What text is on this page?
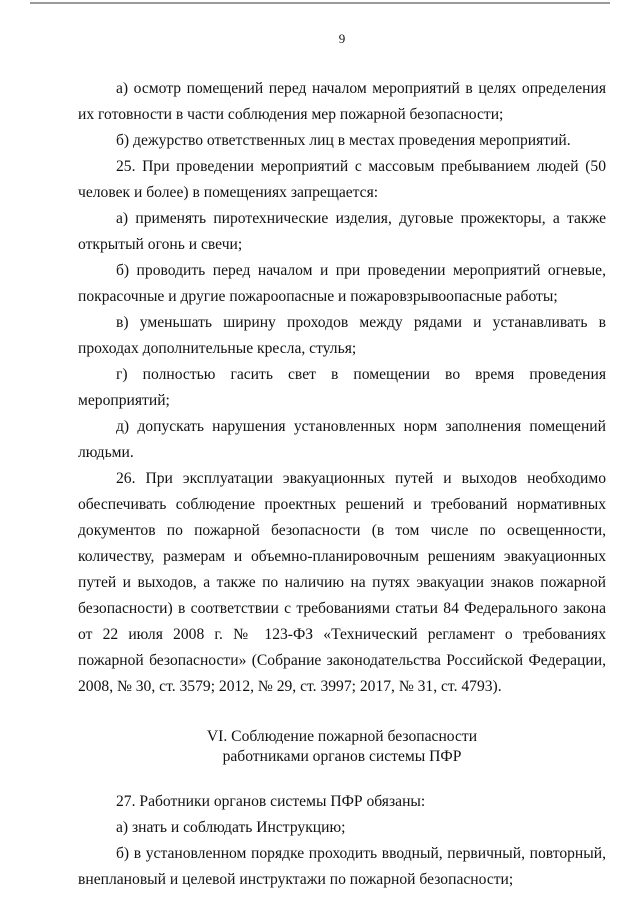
9

а) осмотр помещений перед началом мероприятий в целях определения их готовности в части соблюдения мер пожарной безопасности;

б) дежурство ответственных лиц в местах проведения мероприятий.

25. При проведении мероприятий с массовым пребыванием людей (50 человек и более) в помещениях запрещается:

а) применять пиротехнические изделия, дуговые прожекторы, а также открытый огонь и свечи;

б) проводить перед началом и при проведении мероприятий огневые, покрасочные и другие пожароопасные и пожаровзрывоопасные работы;

в) уменьшать ширину проходов между рядами и устанавливать в проходах дополнительные кресла, стулья;

г) полностью гасить свет в помещении во время проведения мероприятий;

д) допускать нарушения установленных норм заполнения помещений людьми.

26. При эксплуатации эвакуационных путей и выходов необходимо обеспечивать соблюдение проектных решений и требований нормативных документов по пожарной безопасности (в том числе по освещенности, количеству, размерам и объемно-планировочным решениям эвакуационных путей и выходов, а также по наличию на путях эвакуации знаков пожарной безопасности) в соответствии с требованиями статьи 84 Федерального закона от 22 июля 2008 г. № 123-ФЗ «Технический регламент о требованиях пожарной безопасности» (Собрание законодательства Российской Федерации, 2008, № 30, ст. 3579; 2012, № 29, ст. 3997; 2017, № 31, ст. 4793).

VI. Соблюдение пожарной безопасности
работниками органов системы ПФР

27. Работники органов системы ПФР обязаны:

а) знать и соблюдать Инструкцию;

б) в установленном порядке проходить вводный, первичный, повторный, внеплановый и целевой инструктажи по пожарной безопасности;
